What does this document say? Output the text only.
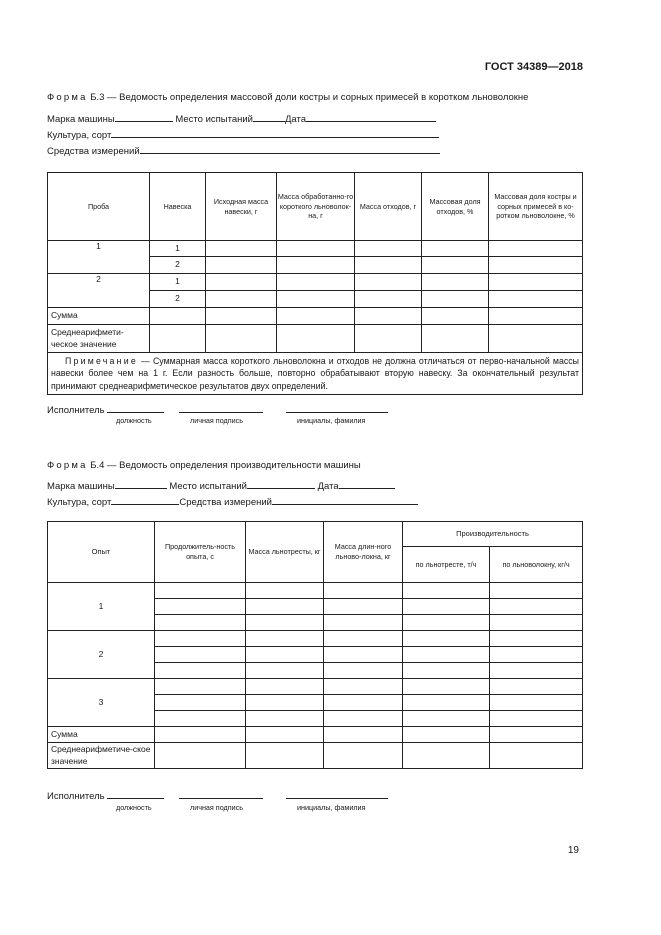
ГОСТ 34389—2018
Форма Б.3 — Ведомость определения массовой доли костры и сорных примесей в коротком льноволокне
Марка машины	Место испытаний	Дата
Культура, сорт
Средства измерений
Проба	Навеска	Исходная масса навески, г	Масса обработанно-го короткого льноволок-на, г	Масса отходов, г	Массовая доля отходов, %	Массовая доля костры и сорных примесей в ко-ротком льноволокне, %
1	1					
	2					
2	1					
	2					
Сумма						
Среднеарифмети-ческое значение						
Примечание — Суммарная масса короткого льноволокна и отходов не должна отличаться от перво-начальной массы навески более чем на 1 г. Если разность больше, повторно обрабатывают вторую навеску. За окончательный результат принимают среднеарифметическое результатов двух определений.						
Исполнитель
должность	личная подпись	инициалы, фамилия
Форма Б.4 — Ведомость определения производительности машины
Марка машины	Место испытаний	Дата
Культура, сорт	Средства измерений
Опыт	Продолжитель-ность опыта, с	Масса льнотресты, кг	Масса длин-ного льново-локна, кг	Производительность	
				по льнотресте, т/ч	по льноволокну, кг/ч
1					

2					

3					

Сумма					
Среднеарифметиче-ское значение					
Исполнитель
должность	личная подпись	инициалы, фамилия
19
